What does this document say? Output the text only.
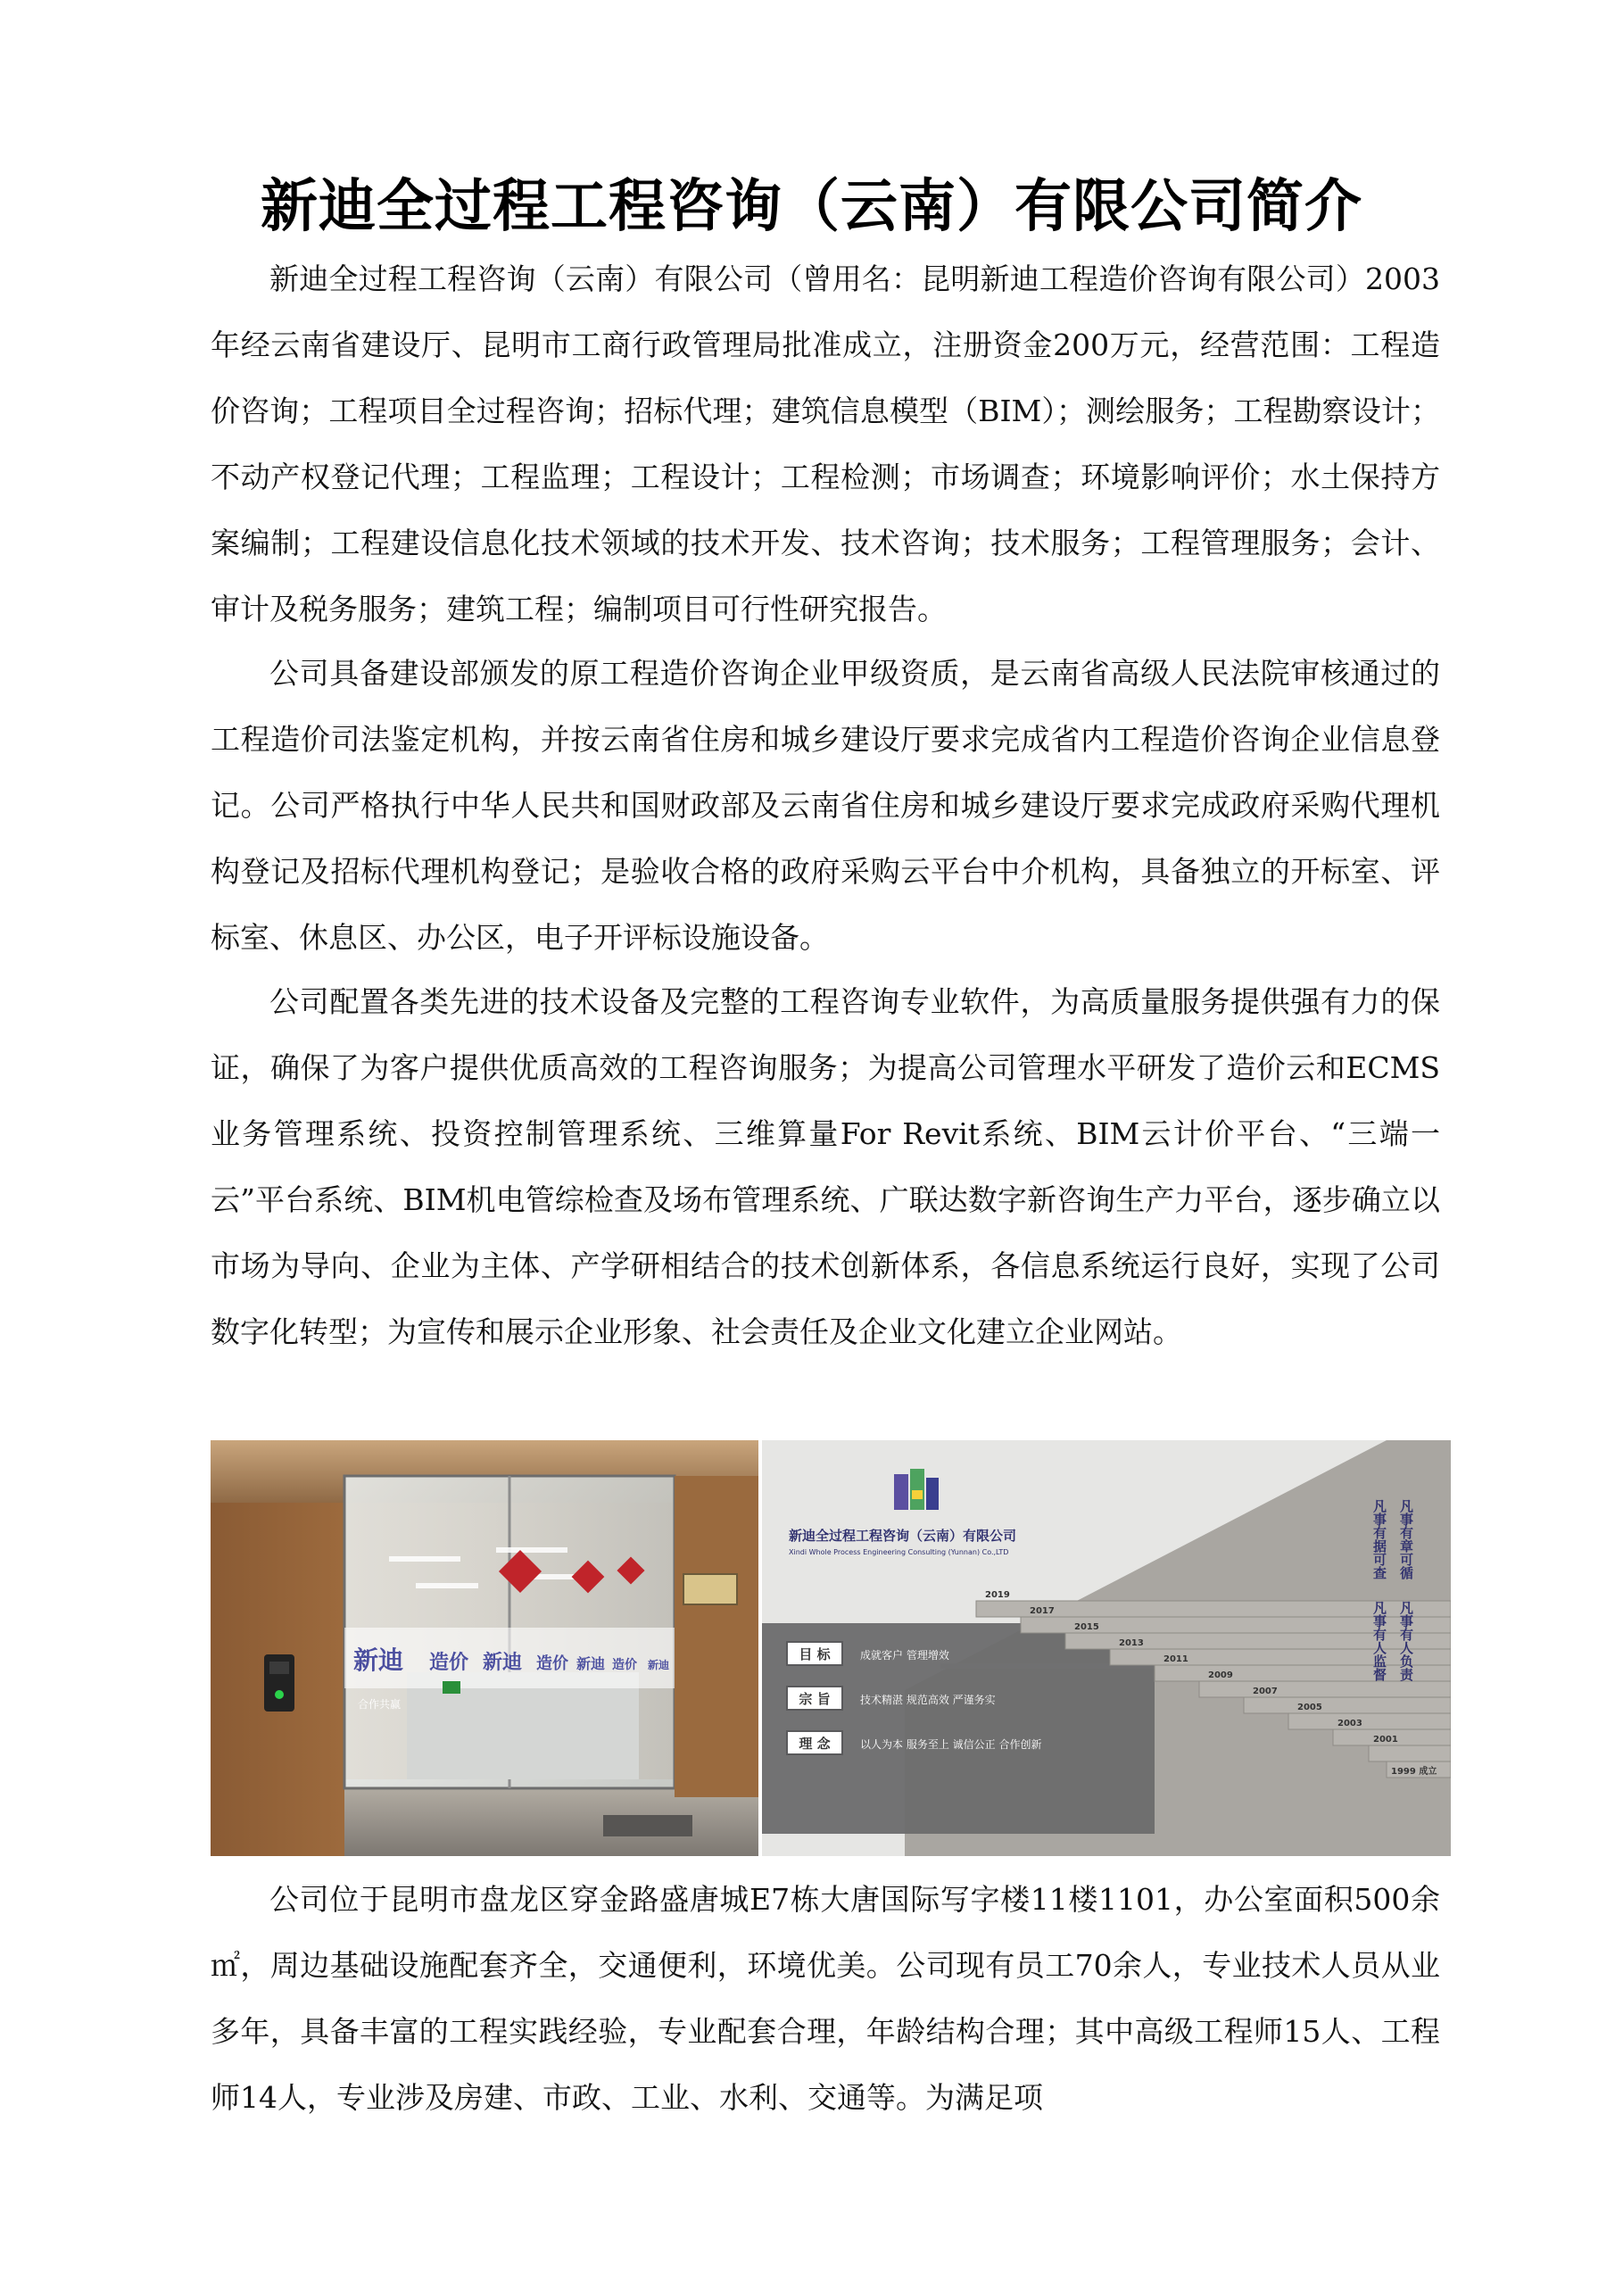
新迪全过程工程咨询（云南）有限公司简介

新迪全过程工程咨询（云南）有限公司（曾用名：昆明新迪工程造价咨询有限公司）2003年经云南省建设厅、昆明市工商行政管理局批准成立，注册资金200万元，经营范围：工程造价咨询；工程项目全过程咨询；招标代理；建筑信息模型（BIM）；测绘服务；工程勘察设计；不动产权登记代理；工程监理；工程设计；工程检测；市场调查；环境影响评价；水土保持方案编制；工程建设信息化技术领域的技术开发、技术咨询；技术服务；工程管理服务；会计、审计及税务服务；建筑工程；编制项目可行性研究报告。

公司具备建设部颁发的原工程造价咨询企业甲级资质，是云南省高级人民法院审核通过的工程造价司法鉴定机构，并按云南省住房和城乡建设厅要求完成省内工程造价咨询企业信息登记。公司严格执行中华人民共和国财政部及云南省住房和城乡建设厅要求完成政府采购代理机构登记及招标代理机构登记；是验收合格的政府采购云平台中介机构，具备独立的开标室、评标室、休息区、办公区，电子开评标设施设备。

公司配置各类先进的技术设备及完整的工程咨询专业软件，为高质量服务提供强有力的保证，确保了为客户提供优质高效的工程咨询服务；为提高公司管理水平研发了造价云和ECMS业务管理系统、投资控制管理系统、三维算量For Revit系统、BIM云计价平台、“三端一云”平台系统、BIM机电管综检查及场布管理系统、广联达数字新咨询生产力平台，逐步确立以市场为导向、企业为主体、产学研相结合的技术创新体系，各信息系统运行良好，实现了公司数字化转型；为宣传和展示企业形象、社会责任及企业文化建立企业网站。

新迪 造价 新迪 造价 新迪 造价 新迪
合作共赢
新迪全过程工程咨询（云南）有限公司
Xindi Whole Process Engineering Consulting (Yunnan) Co.,LTD
目 标	成就客户 管理增效
宗 旨	技术精湛 规范高效 严谨务实
理 念	以人为本 服务至上 诚信公正 合作创新
2019
2017
2015
2013
2011
2009
2007
2005
2003
2001
1999 成立
凡事有章可循
凡事有据可查
凡事有人负责
凡事有人监督

公司位于昆明市盘龙区穿金路盛唐城E7栋大唐国际写字楼11楼1101，办公室面积500余㎡，周边基础设施配套齐全，交通便利，环境优美。公司现有员工70余人，专业技术人员从业多年，具备丰富的工程实践经验，专业配套合理，年龄结构合理；其中高级工程师15人、工程师14人，专业涉及房建、市政、工业、水利、交通等。为满足项
